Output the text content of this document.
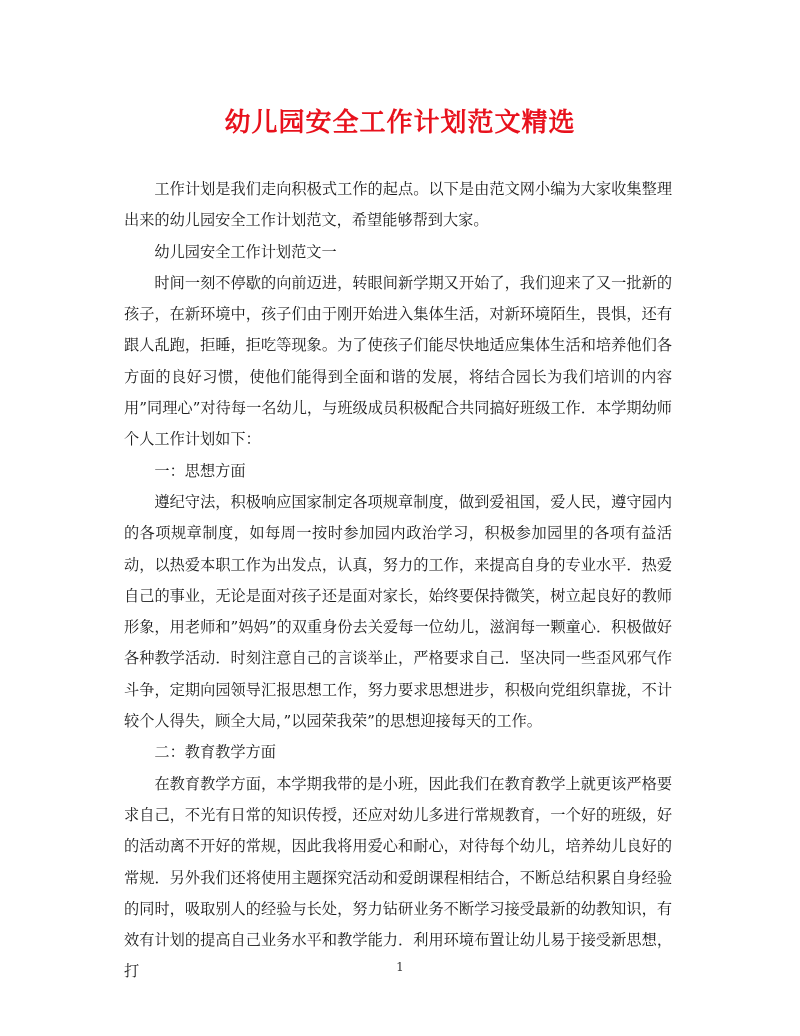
幼儿园安全工作计划范文精选

工作计划是我们走向积极式工作的起点。以下是由范文网小编为大家收集整理出来的幼儿园安全工作计划范文，希望能够帮到大家。

幼儿园安全工作计划范文一

时间一刻不停歇的向前迈进，转眼间新学期又开始了，我们迎来了又一批新的孩子，在新环境中，孩子们由于刚开始进入集体生活，对新环境陌生，畏惧，还有跟人乱跑，拒睡，拒吃等现象。为了使孩子们能尽快地适应集体生活和培养他们各方面的良好习惯，使他们能得到全面和谐的发展，将结合园长为我们培训的内容用”同理心”对待每一名幼儿，与班级成员积极配合共同搞好班级工作．本学期幼师个人工作计划如下：

一：思想方面

遵纪守法，积极响应国家制定各项规章制度，做到爱祖国，爱人民，遵守园内的各项规章制度，如每周一按时参加园内政治学习，积极参加园里的各项有益活动，以热爱本职工作为出发点，认真，努力的工作，来提高自身的专业水平．热爱自己的事业，无论是面对孩子还是面对家长，始终要保持微笑，树立起良好的教师形象，用老师和”妈妈”的双重身份去关爱每一位幼儿，滋润每一颗童心．积极做好各种教学活动．时刻注意自己的言谈举止，严格要求自己．坚决同一些歪风邪气作斗争，定期向园领导汇报思想工作，努力要求思想进步，积极向党组织靠拢，不计较个人得失，顾全大局，”以园荣我荣”的思想迎接每天的工作。

二：教育教学方面

在教育教学方面，本学期我带的是小班，因此我们在教育教学上就更该严格要求自己，不光有日常的知识传授，还应对幼儿多进行常规教育，一个好的班级，好的活动离不开好的常规，因此我将用爱心和耐心，对待每个幼儿，培养幼儿良好的常规．另外我们还将使用主题探究活动和爱朗课程相结合，不断总结积累自身经验的同时，吸取别人的经验与长处，努力钻研业务不断学习接受最新的幼教知识，有效有计划的提高自己业务水平和教学能力．利用环境布置让幼儿易于接受新思想，打	1
